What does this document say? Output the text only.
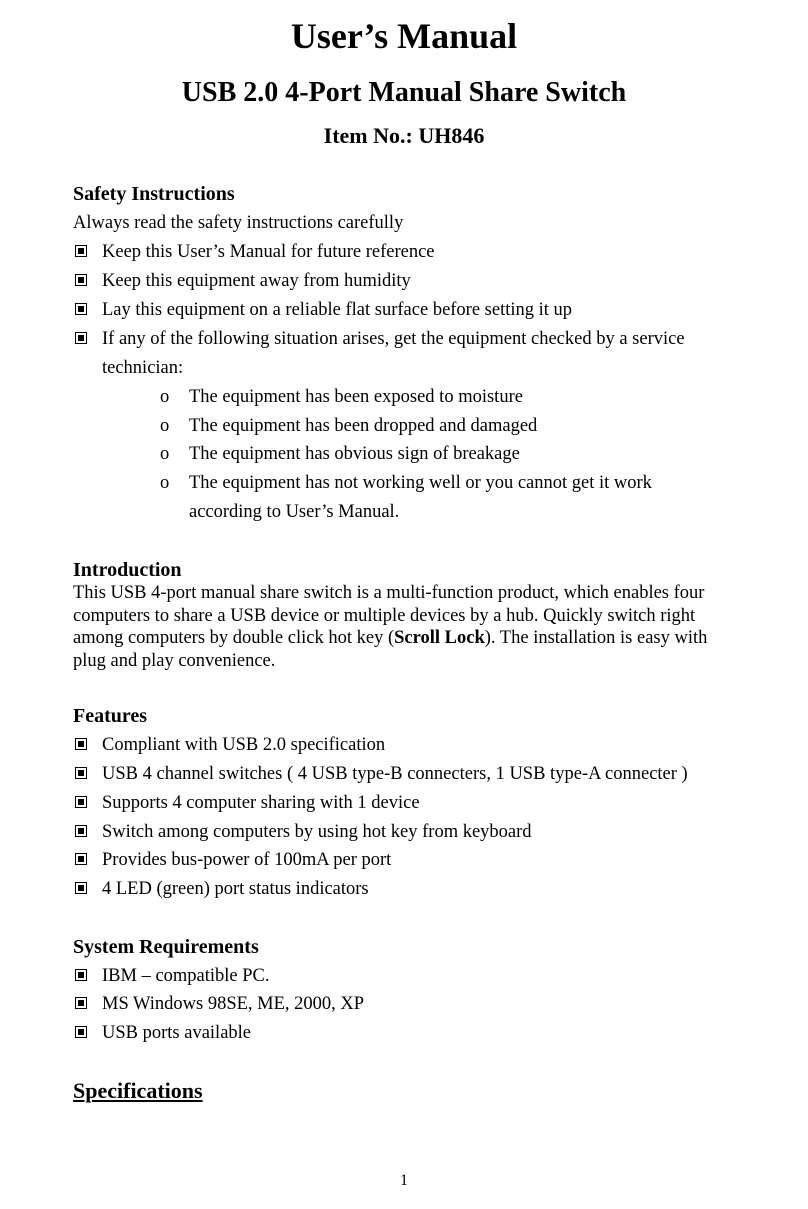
User’s Manual
USB 2.0 4-Port Manual Share Switch
Item No.: UH846
Safety Instructions
Always read the safety instructions carefully
Keep this User’s Manual for future reference
Keep this equipment away from humidity
Lay this equipment on a reliable flat surface before setting it up
If any of the following situation arises, get the equipment checked by a service
technician:
o The equipment has been exposed to moisture
o The equipment has been dropped and damaged
o The equipment has obvious sign of breakage
o The equipment has not working well or you cannot get it work
according to User’s Manual.
Introduction
This USB 4-port manual share switch is a multi-function product, which enables four
computers to share a USB device or multiple devices by a hub. Quickly switch right
among computers by double click hot key (Scroll Lock). The installation is easy with
plug and play convenience.
Features
Compliant with USB 2.0 specification
USB 4 channel switches ( 4 USB type-B connecters, 1 USB type-A connecter )
Supports 4 computer sharing with 1 device
Switch among computers by using hot key from keyboard
Provides bus-power of 100mA per port
4 LED (green) port status indicators
System Requirements
IBM – compatible PC.
MS Windows 98SE, ME, 2000, XP
USB ports available
Specifications
1
